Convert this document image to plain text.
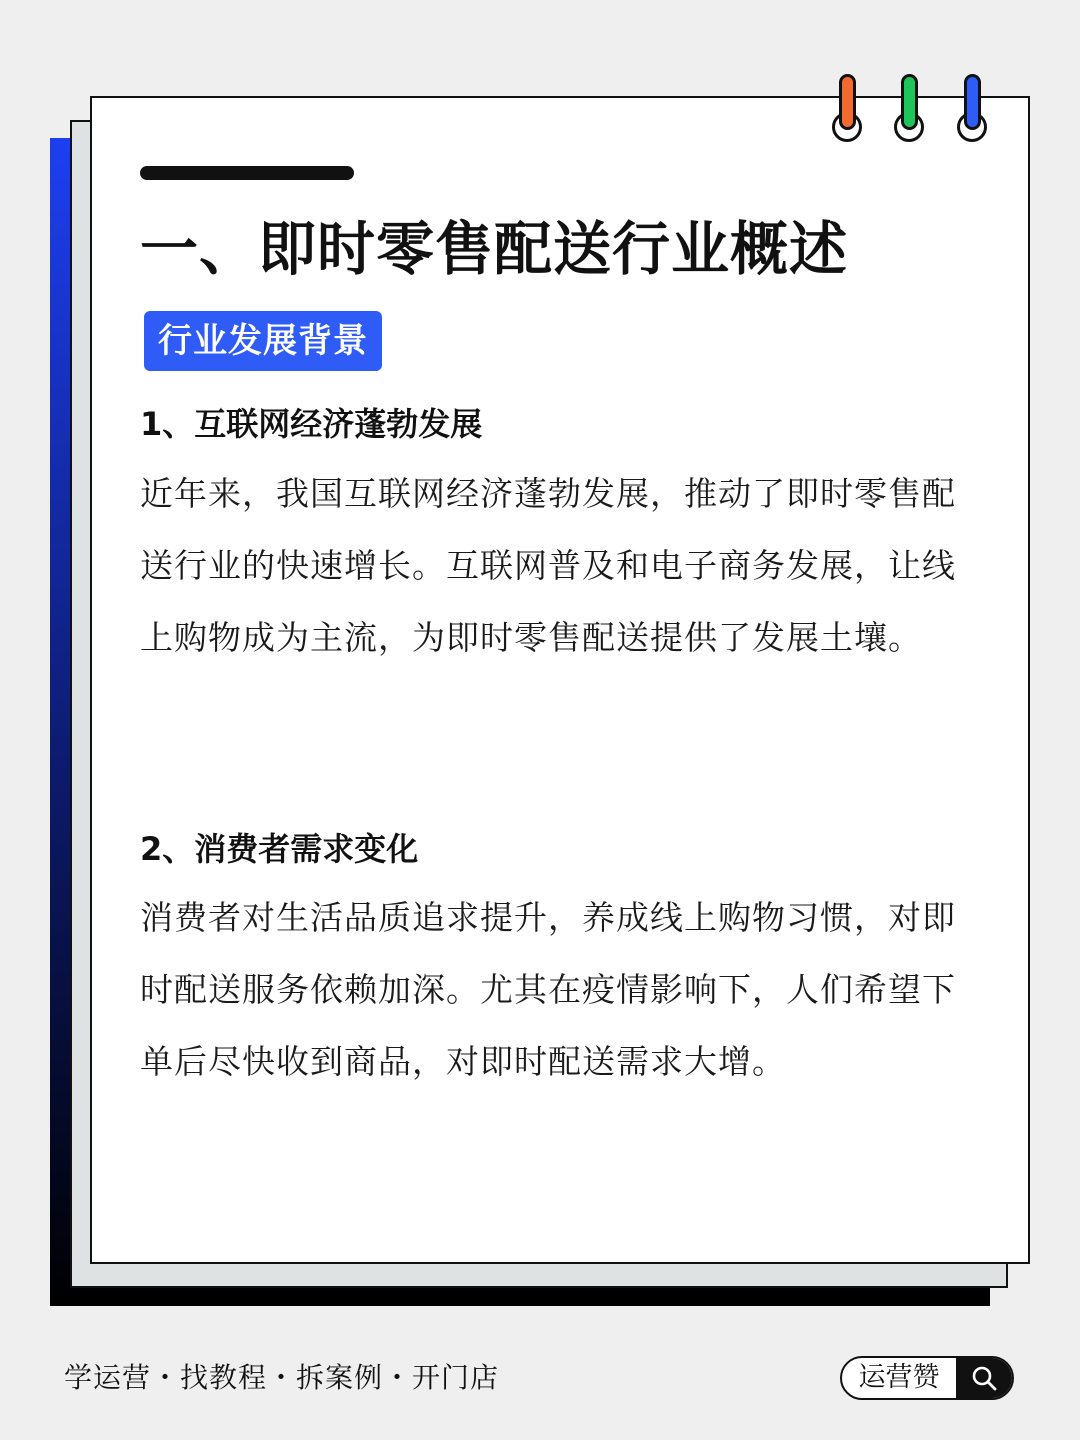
一、即时零售配送行业概述
行业发展背景
1、互联网经济蓬勃发展

近年来，我国互联网经济蓬勃发展，推动了即时零售配送行业的快速增长。互联网普及和电子商务发展，让线上购物成为主流，为即时零售配送提供了发展土壤。

2、消费者需求变化

消费者对生活品质追求提升，养成线上购物习惯，对即时配送服务依赖加深。尤其在疫情影响下，人们希望下单后尽快收到商品，对即时配送需求大增。

学运营・找教程・拆案例・开门店	运营赞
